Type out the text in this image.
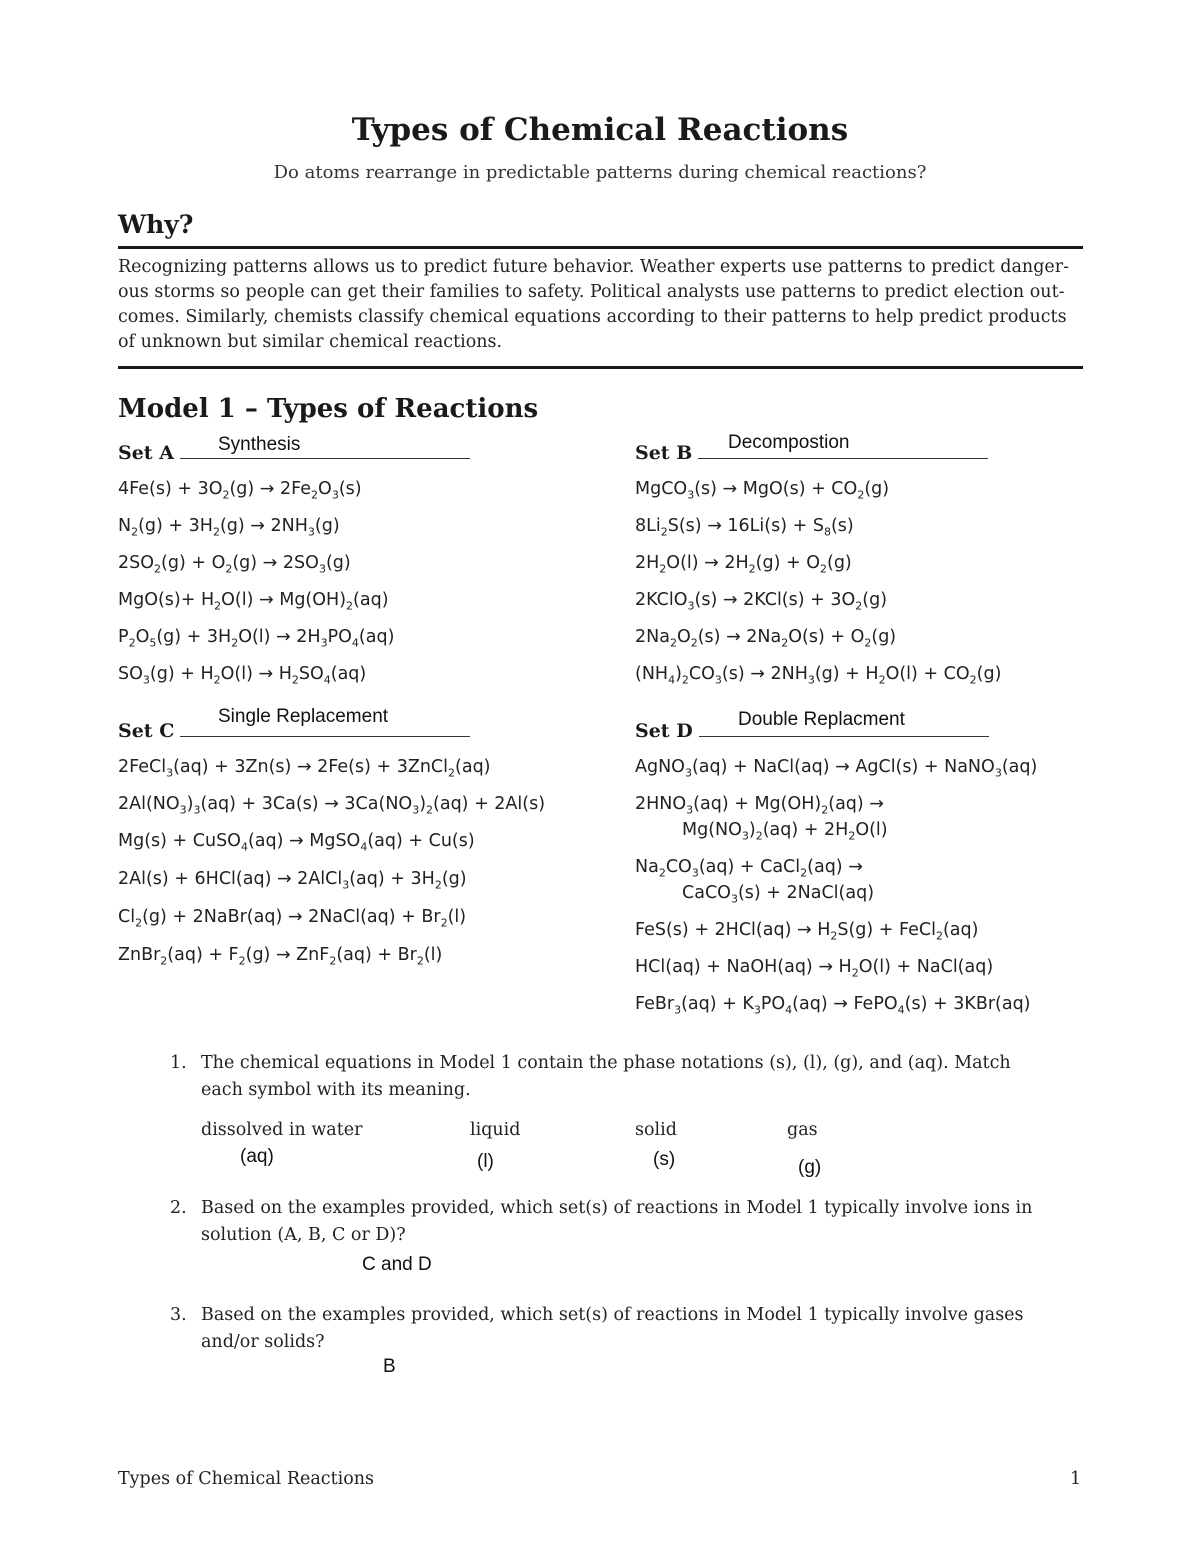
Types of Chemical Reactions
Do atoms rearrange in predictable patterns during chemical reactions?
Why?
Recognizing patterns allows us to predict future behavior. Weather experts use patterns to predict danger-
ous storms so people can get their families to safety. Political analysts use patterns to predict election out-
comes. Similarly, chemists classify chemical equations according to their patterns to help predict products
of unknown but similar chemical reactions.
Model 1 – Types of Reactions
Set A	Synthesis	Set B	Decompostion
$4Fe(s) + 3O_2(g) \to 2Fe_2O_3(s)$
$N_2(g) + 3H_2(g) \to 2NH_3(g)$
$2SO_2(g) + O_2(g) \to 2SO_3(g)$
$MgO(s)+ H_2O(l) \to Mg(OH)_2(aq)$
$P_2O_5(g) + 3H_2O(l) \to 2H_3PO_4(aq)$
$SO_3(g) + H_2O(l) \to H_2SO_4(aq)$
MgCO$_3$(s) → $MgO(s) + CO_2(g)$
$8Li_2S(s) \to 16Li(s) + S_8(s)$
$2H_2O(l) \to 2H_2(g) + O_2(g)$
2KClO$_3$(s) → $2KCl(s) + 3O_2(g)$
$2Na_2O_2(s) \to 2Na_2O(s) + O_2(g)$
$(NH_4)_2CO_3(s) \to 2NH_3(g) + H_2O(l) + CO_2(g)$
Set C
Single Replacement
Set D
Double Replacment
2FeCl$_3$(aq) + 3Zn(s) → 2Fe(s) + 3ZnCl$_2$(aq)
$2Al(NO_3)_3(aq) + 3Ca(s) \to 3Ca(NO_3)_2(aq) + 2Al(s)$
Mg(s) + CuSO$_4$(aq) → MgSO$_4$(aq) + Cu(s)
2Al(s) + 6HCl(aq) → 2AlCl$_3$(aq) + $3H_2(g)$
$Cl_2(g)$ + 2NaBr(aq) → 2NaCl(aq) + $Br_2(l)$
ZnBr$_2$(aq) + $F_2(g) \to ZnF_2(aq) + Br_2(l)$
AgNO$_3$(aq) + NaCl(aq) → AgCl(s) + NaNO$_3$(aq)
$2HNO_3(aq) + Mg(OH)_2(aq)$ →
$Mg(NO_3)_2(aq) + 2H_2O(l)$
$Na_2CO_3(aq)$ + CaCl$_2$(aq) →
CaCO$_3$(s) + 2NaCl(aq)
$FeS(s) + 2HCl(aq) \to H_2S(g)$ + FeCl$_2$(aq)
HCl(aq) + NaOH(aq) → $H_2O(l)$ + NaCl(aq)
FeBr$_3$(aq) + $K_3PO_4(aq)$ → FePO$_4$(s) + 3KBr(aq)
1. The chemical equations in Model 1 contain the phase notations (s), (l), (g), and (aq). Match
each symbol with its meaning.
dissolved in water	liquid	solid	gas
(aq)	(l)	(s)	(g)
2. Based on the examples provided, which set(s) of reactions in Model 1 typically involve ions in
solution (A, B, C or D)?
C and D
3. Based on the examples provided, which set(s) of reactions in Model 1 typically involve gases
and/or solids?
B
Types of Chemical Reactions	1
